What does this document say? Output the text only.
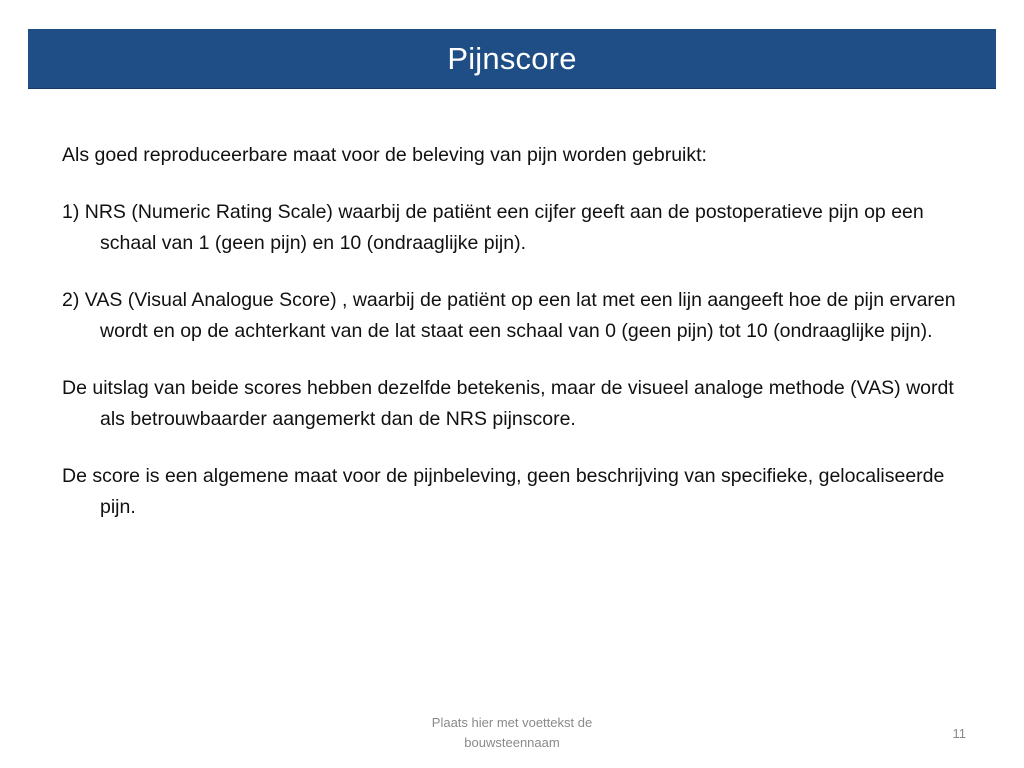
Pijnscore

Als goed reproduceerbare maat voor de beleving van pijn worden gebruikt:

1) NRS (Numeric Rating Scale) waarbij de patiënt een cijfer geeft aan de postoperatieve pijn op een schaal van 1 (geen pijn) en 10 (ondraaglijke pijn).

2) VAS (Visual Analogue Score) , waarbij de patiënt op een lat met een lijn aangeeft hoe de pijn ervaren wordt en op de achterkant van de lat staat een schaal van 0 (geen pijn) tot 10 (ondraaglijke pijn).

De uitslag van beide scores hebben dezelfde betekenis, maar de visueel analoge methode (VAS) wordt als betrouwbaarder aangemerkt dan de NRS pijnscore.

De score is een algemene maat voor de pijnbeleving, geen beschrijving van specifieke, gelocaliseerde pijn.

Plaats hier met voettekst de bouwsteennaam
11
